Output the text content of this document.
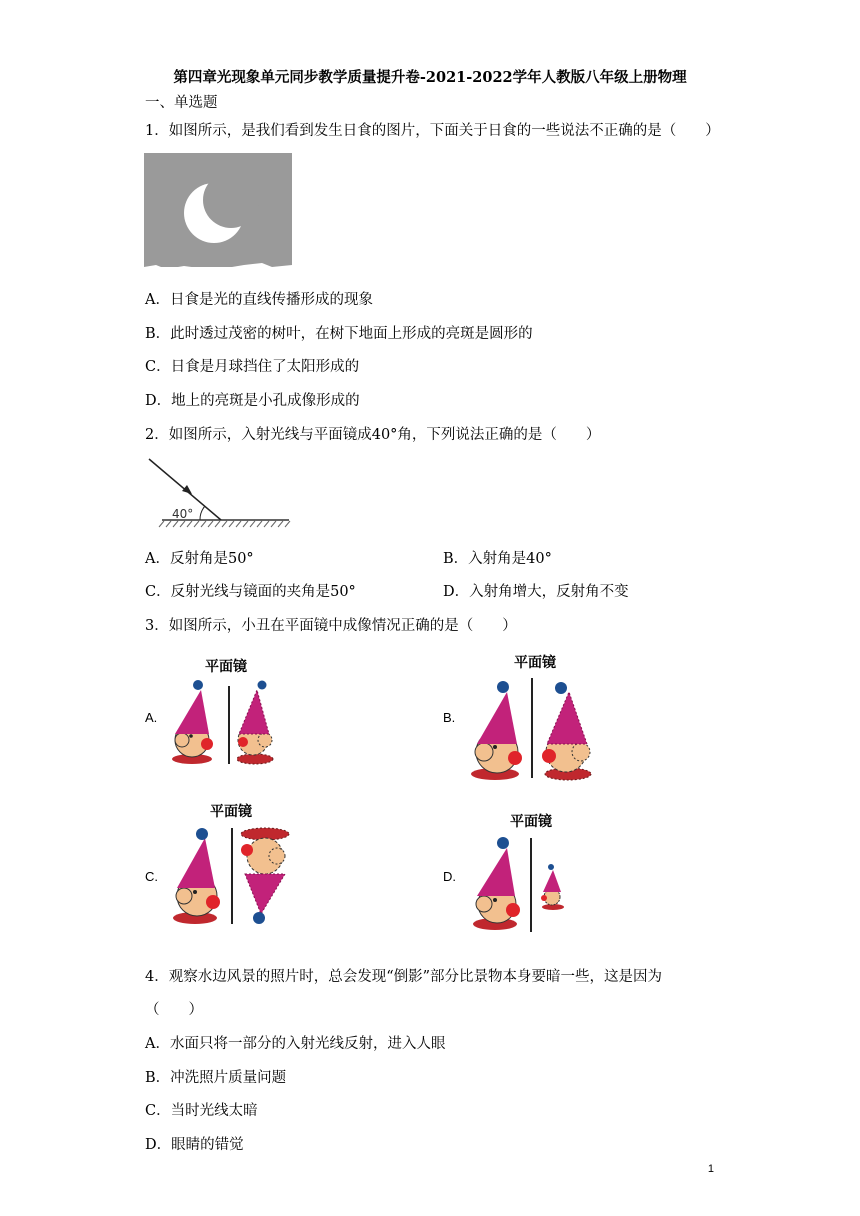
第四章光现象单元同步教学质量提升卷-2021-2022学年人教版八年级上册物理
一、单选题
1．如图所示，是我们看到发生日食的图片，下面关于日食的一些说法不正确的是（　　）
A．日食是光的直线传播形成的现象
B．此时透过茂密的树叶，在树下地面上形成的亮斑是圆形的
C．日食是月球挡住了太阳形成的
D．地上的亮斑是小孔成像形成的
2．如图所示，入射光线与平面镜成40°角，下列说法正确的是（　　）
40°
A．反射角是50°	B．入射角是40°
C．反射光线与镜面的夹角是50°	D．入射角增大，反射角不变
3．如图所示，小丑在平面镜中成像情况正确的是（　　）
A.
平面镜
B.
平面镜
C.
平面镜
D.
平面镜
4．观察水边风景的照片时，总会发现“倒影”部分比景物本身要暗一些，这是因为
（　　）
A．水面只将一部分的入射光线反射，进入人眼
B．冲洗照片质量问题
C．当时光线太暗
D．眼睛的错觉
1
